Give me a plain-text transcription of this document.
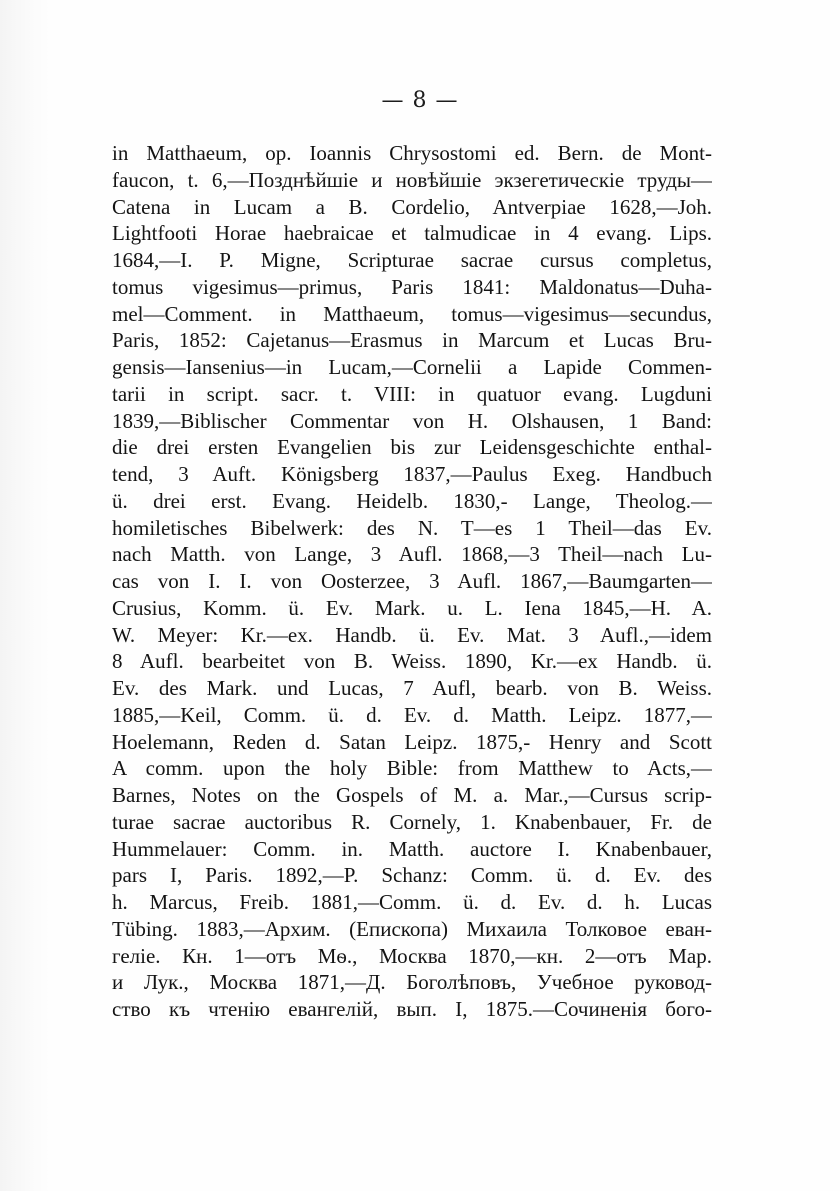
— 8 —
in Matthaeum, op. Ioannis Chrysostomi ed. Bern. de Mont-
faucon, t. 6,—Позднѣйшіе и новѣйшіе экзегетическіе труды—
Catena in Lucam a B. Cordelio, Antverpiae 1628,—Joh.
Lightfooti Horae haebraicae et talmudicae in 4 evang. Lips.
1684,—I. P. Migne, Scripturae sacrae cursus completus,
tomus vigesimus—primus, Paris 1841: Maldonatus—Duha-
mel—Comment. in Matthaeum, tomus—vigesimus—secundus,
Paris, 1852: Cajetanus—Erasmus in Marcum et Lucas Bru-
gensis—Iansenius—in Lucam,—Cornelii a Lapide Commen-
tarii in script. sacr. t. VIII: in quatuor evang. Lugduni
1839,—Biblischer Commentar von H. Olshausen, 1 Band:
die drei ersten Evangelien bis zur Leidensgeschichte enthal-
tend, 3 Auft. Königsberg 1837,—Paulus Exeg. Handbuch
ü. drei erst. Evang. Heidelb. 1830,- Lange, Theolog.—
homiletisches Bibelwerk: des N. T—es 1 Theil—das Ev.
nach Matth. von Lange, 3 Aufl. 1868,—3 Theil—nach Lu-
cas von I. I. von Oosterzee, 3 Aufl. 1867,—Baumgarten—
Crusius, Komm. ü. Ev. Mark. u. L. Iena 1845,—H. A.
W. Meyer: Kr.—ex. Handb. ü. Ev. Mat. 3 Aufl.,—idem
8 Aufl. bearbeitet von B. Weiss. 1890, Kr.—ex Handb. ü.
Ev. des Mark. und Lucas, 7 Aufl, bearb. von B. Weiss.
1885,—Keil, Comm. ü. d. Ev. d. Matth. Leipz. 1877,—
Hoelemann, Reden d. Satan Leipz. 1875,- Henry and Scott
A comm. upon the holy Bible: from Matthew to Acts,—
Barnes, Notes on the Gospels of M. a. Mar.,—Cursus scrip-
turae sacrae auctoribus R. Cornely, 1. Knabenbauer, Fr. de
Hummelauer: Comm. in. Matth. auctore I. Knabenbauer,
pars I, Paris. 1892,—P. Schanz: Comm. ü. d. Ev. des
h. Marcus, Freib. 1881,—Comm. ü. d. Ev. d. h. Lucas
Tübing. 1883,—Архим. (Епископа) Михаила Толковое еван-
геліе. Кн. 1—отъ Мѳ., Москва 1870,—кн. 2—отъ Мар.
и Лук., Москва 1871,—Д. Боголѣповъ, Учебное руковод-
ство къ чтенію евангелій, вып. I, 1875.—Сочиненія бого-
